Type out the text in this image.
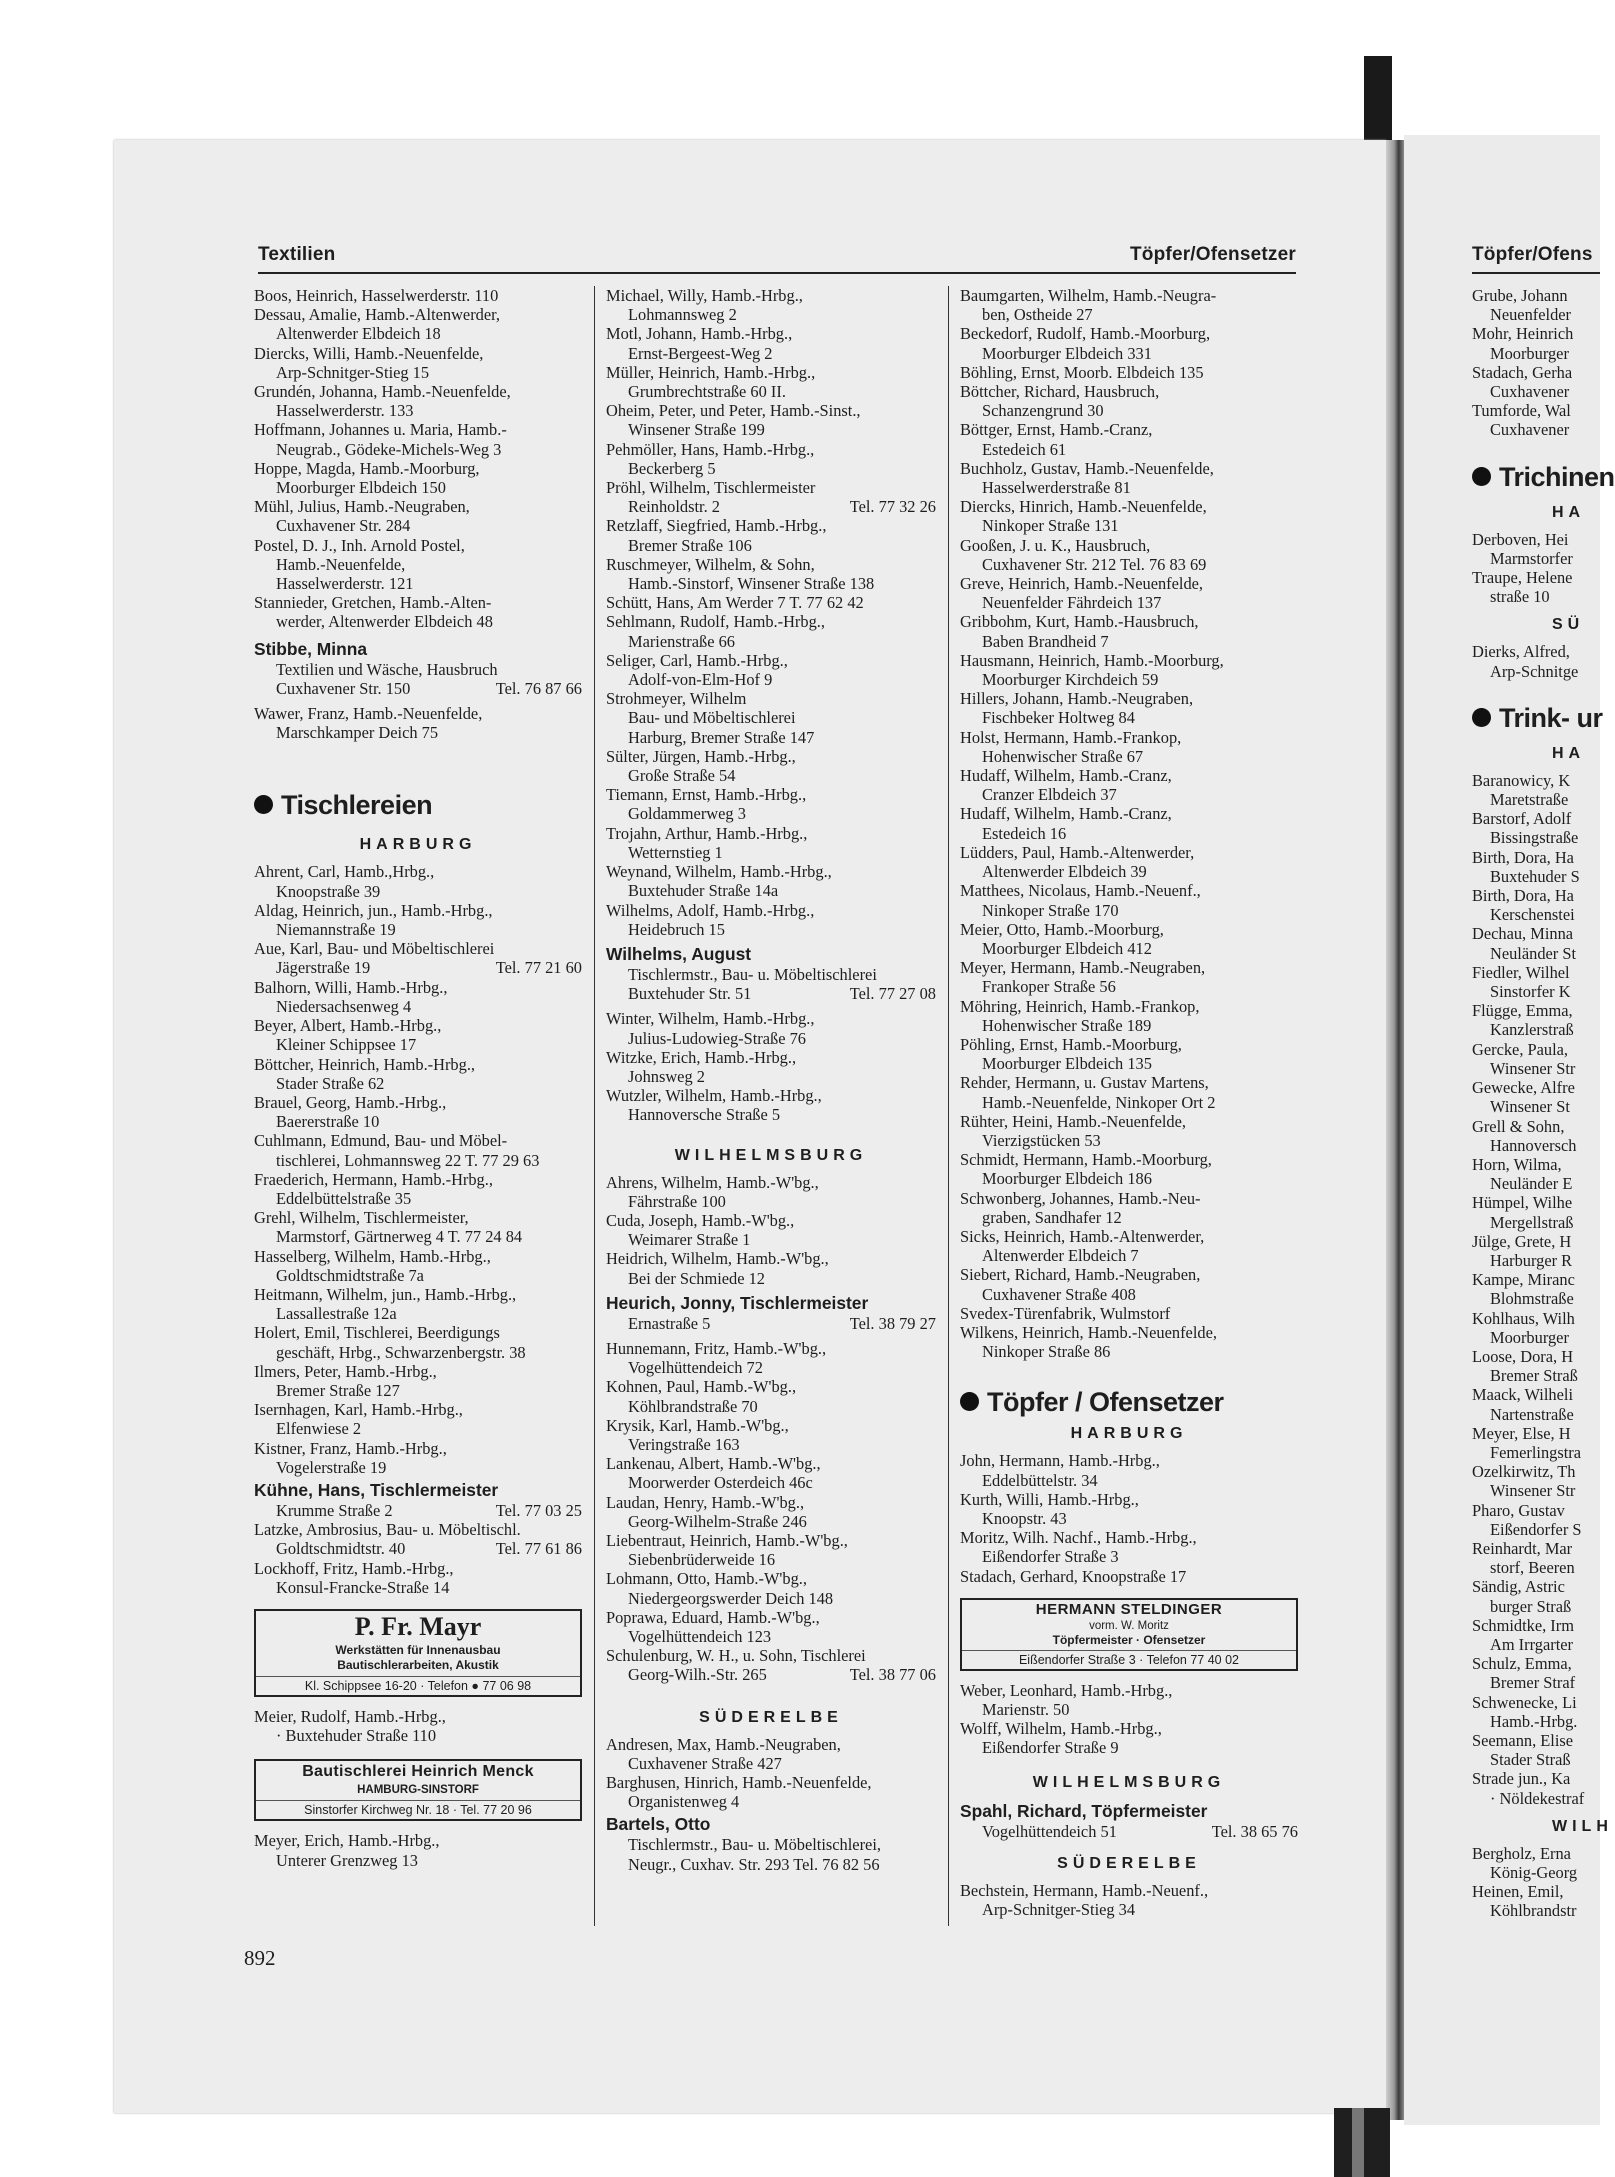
Textilien	Töpfer/Ofensetzer	Töpfer/Ofens
Boos, Heinrich, Hasselwerderstr. 110
Dessau, Amalie, Hamb.-Altenwerder,
Altenwerder Elbdeich 18
Diercks, Willi, Hamb.-Neuenfelde,
Arp-Schnitger-Stieg 15
Grundén, Johanna, Hamb.-Neuenfelde,
Hasselwerderstr. 133
Hoffmann, Johannes u. Maria, Hamb.-
Neugrab., Gödeke-Michels-Weg 3
Hoppe, Magda, Hamb.-Moorburg,
Moorburger Elbdeich 150
Mühl, Julius, Hamb.-Neugraben,
Cuxhavener Str. 284
Postel, D. J., Inh. Arnold Postel,
Hamb.-Neuenfelde,
Hasselwerderstr. 121
Stannieder, Gretchen, Hamb.-Alten-
werder, Altenwerder Elbdeich 48
Stibbe, Minna
Textilien und Wäsche, Hausbruch
Cuxhavener Str. 150	Tel. 76 87 66
Wawer, Franz, Hamb.-Neuenfelde,
Marschkamper Deich 75
Tischlereien
HARBURG
Ahrent, Carl, Hamb.,Hrbg.,
Knoopstraße 39
Aldag, Heinrich, jun., Hamb.-Hrbg.,
Niemannstraße 19
Aue, Karl, Bau- und Möbeltischlerei
Jägerstraße 19	Tel. 77 21 60
Balhorn, Willi, Hamb.-Hrbg.,
Niedersachsenweg 4
Beyer, Albert, Hamb.-Hrbg.,
Kleiner Schippsee 17
Böttcher, Heinrich, Hamb.-Hrbg.,
Stader Straße 62
Brauel, Georg, Hamb.-Hrbg.,
Baererstraße 10
Cuhlmann, Edmund, Bau- und Möbel-
tischlerei, Lohmannsweg 22 T. 77 29 63
Fraederich, Hermann, Hamb.-Hrbg.,
Eddelbüttelstraße 35
Grehl, Wilhelm, Tischlermeister,
Marmstorf, Gärtnerweg 4 T. 77 24 84
Hasselberg, Wilhelm, Hamb.-Hrbg.,
Goldtschmidtstraße 7a
Heitmann, Wilhelm, jun., Hamb.-Hrbg.,
Lassallestraße 12a
Holert, Emil, Tischlerei, Beerdigungs
geschäft, Hrbg., Schwarzenbergstr. 38
Ilmers, Peter, Hamb.-Hrbg.,
Bremer Straße 127
Isernhagen, Karl, Hamb.-Hrbg.,
Elfenwiese 2
Kistner, Franz, Hamb.-Hrbg.,
Vogelerstraße 19
Kühne, Hans, Tischlermeister
Krumme Straße 2	Tel. 77 03 25
Latzke, Ambrosius, Bau- u. Möbeltischl.
Goldtschmidtstr. 40	Tel. 77 61 86
Lockhoff, Fritz, Hamb.-Hrbg.,
Konsul-Francke-Straße 14
P. Fr. Mayr
Werkstätten für Innenausbau
Bautischlerarbeiten, Akustik
Kl. Schippsee 16-20 · Telefon ● 77 06 98
Meier, Rudolf, Hamb.-Hrbg.,
· Buxtehuder Straße 110
Bautischlerei Heinrich Menck
HAMBURG-SINSTORF
Sinstorfer Kirchweg Nr. 18 · Tel. 77 20 96
Meyer, Erich, Hamb.-Hrbg.,
Unterer Grenzweg 13
892
Michael, Willy, Hamb.-Hrbg.,
Lohmannsweg 2
Motl, Johann, Hamb.-Hrbg.,
Ernst-Bergeest-Weg 2
Müller, Heinrich, Hamb.-Hrbg.,
Grumbrechtstraße 60 II.
Oheim, Peter, und Peter, Hamb.-Sinst.,
Winsener Straße 199
Pehmöller, Hans, Hamb.-Hrbg.,
Beckerberg 5
Pröhl, Wilhelm, Tischlermeister
Reinholdstr. 2	Tel. 77 32 26
Retzlaff, Siegfried, Hamb.-Hrbg.,
Bremer Straße 106
Ruschmeyer, Wilhelm, & Sohn,
Hamb.-Sinstorf, Winsener Straße 138
Schütt, Hans, Am Werder 7 T. 77 62 42
Sehlmann, Rudolf, Hamb.-Hrbg.,
Marienstraße 66
Seliger, Carl, Hamb.-Hrbg.,
Adolf-von-Elm-Hof 9
Strohmeyer, Wilhelm
Bau- und Möbeltischlerei
Harburg, Bremer Straße 147
Sülter, Jürgen, Hamb.-Hrbg.,
Große Straße 54
Tiemann, Ernst, Hamb.-Hrbg.,
Goldammerweg 3
Trojahn, Arthur, Hamb.-Hrbg.,
Wetternstieg 1
Weynand, Wilhelm, Hamb.-Hrbg.,
Buxtehuder Straße 14a
Wilhelms, Adolf, Hamb.-Hrbg.,
Heidebruch 15
Wilhelms, August
Tischlermstr., Bau- u. Möbeltischlerei
Buxtehuder Str. 51	Tel. 77 27 08
Winter, Wilhelm, Hamb.-Hrbg.,
Julius-Ludowieg-Straße 76
Witzke, Erich, Hamb.-Hrbg.,
Johnsweg 2
Wutzler, Wilhelm, Hamb.-Hrbg.,
Hannoversche Straße 5
WILHELMSBURG
Ahrens, Wilhelm, Hamb.-W'bg.,
Fährstraße 100
Cuda, Joseph, Hamb.-W'bg.,
Weimarer Straße 1
Heidrich, Wilhelm, Hamb.-W'bg.,
Bei der Schmiede 12
Heurich, Jonny, Tischlermeister
Ernastraße 5	Tel. 38 79 27
Hunnemann, Fritz, Hamb.-W'bg.,
Vogelhüttendeich 72
Kohnen, Paul, Hamb.-W'bg.,
Köhlbrandstraße 70
Krysik, Karl, Hamb.-W'bg.,
Veringstraße 163
Lankenau, Albert, Hamb.-W'bg.,
Moorwerder Osterdeich 46c
Laudan, Henry, Hamb.-W'bg.,
Georg-Wilhelm-Straße 246
Liebentraut, Heinrich, Hamb.-W'bg.,
Siebenbrüderweide 16
Lohmann, Otto, Hamb.-W'bg.,
Niedergeorgswerder Deich 148
Poprawa, Eduard, Hamb.-W'bg.,
Vogelhüttendeich 123
Schulenburg, W. H., u. Sohn, Tischlerei
Georg-Wilh.-Str. 265	Tel. 38 77 06
SÜDERELBE
Andresen, Max, Hamb.-Neugraben,
Cuxhavener Straße 427
Barghusen, Hinrich, Hamb.-Neuenfelde,
Organistenweg 4
Bartels, Otto
Tischlermstr., Bau- u. Möbeltischlerei,
Neugr., Cuxhav. Str. 293 Tel. 76 82 56
Baumgarten, Wilhelm, Hamb.-Neugra-
ben, Ostheide 27
Beckedorf, Rudolf, Hamb.-Moorburg,
Moorburger Elbdeich 331
Böhling, Ernst, Moorb. Elbdeich 135
Böttcher, Richard, Hausbruch,
Schanzengrund 30
Böttger, Ernst, Hamb.-Cranz,
Estedeich 61
Buchholz, Gustav, Hamb.-Neuenfelde,
Hasselwerderstraße 81
Diercks, Hinrich, Hamb.-Neuenfelde,
Ninkoper Straße 131
Gooßen, J. u. K., Hausbruch,
Cuxhavener Str. 212 Tel. 76 83 69
Greve, Heinrich, Hamb.-Neuenfelde,
Neuenfelder Fährdeich 137
Gribbohm, Kurt, Hamb.-Hausbruch,
Baben Brandheid 7
Hausmann, Heinrich, Hamb.-Moorburg,
Moorburger Kirchdeich 59
Hillers, Johann, Hamb.-Neugraben,
Fischbeker Holtweg 84
Holst, Hermann, Hamb.-Frankop,
Hohenwischer Straße 67
Hudaff, Wilhelm, Hamb.-Cranz,
Cranzer Elbdeich 37
Hudaff, Wilhelm, Hamb.-Cranz,
Estedeich 16
Lüdders, Paul, Hamb.-Altenwerder,
Altenwerder Elbdeich 39
Matthees, Nicolaus, Hamb.-Neuenf.,
Ninkoper Straße 170
Meier, Otto, Hamb.-Moorburg,
Moorburger Elbdeich 412
Meyer, Hermann, Hamb.-Neugraben,
Frankoper Straße 56
Möhring, Heinrich, Hamb.-Frankop,
Hohenwischer Straße 189
Pöhling, Ernst, Hamb.-Moorburg,
Moorburger Elbdeich 135
Rehder, Hermann, u. Gustav Martens,
Hamb.-Neuenfelde, Ninkoper Ort 2
Rühter, Heini, Hamb.-Neuenfelde,
Vierzigstücken 53
Schmidt, Hermann, Hamb.-Moorburg,
Moorburger Elbdeich 186
Schwonberg, Johannes, Hamb.-Neu-
graben, Sandhafer 12
Sicks, Heinrich, Hamb.-Altenwerder,
Altenwerder Elbdeich 7
Siebert, Richard, Hamb.-Neugraben,
Cuxhavener Straße 408
Svedex-Türenfabrik, Wulmstorf
Wilkens, Heinrich, Hamb.-Neuenfelde,
Ninkoper Straße 86
Töpfer / Ofensetzer
HARBURG
John, Hermann, Hamb.-Hrbg.,
Eddelbüttelstr. 34
Kurth, Willi, Hamb.-Hrbg.,
Knoopstr. 43
Moritz, Wilh. Nachf., Hamb.-Hrbg.,
Eißendorfer Straße 3
Stadach, Gerhard, Knoopstraße 17
HERMANN STELDINGER
vorm. W. Moritz
Töpfermeister · Ofensetzer
Eißendorfer Straße 3 · Telefon 77 40 02
Weber, Leonhard, Hamb.-Hrbg.,
Marienstr. 50
Wolff, Wilhelm, Hamb.-Hrbg.,
Eißendorfer Straße 9
WILHELMSBURG
Spahl, Richard, Töpfermeister
Vogelhüttendeich 51	Tel. 38 65 76
SÜDERELBE
Bechstein, Hermann, Hamb.-Neuenf.,
Arp-Schnitger-Stieg 34
Grube, Johann
Neuenfelder
Mohr, Heinrich
Moorburger
Stadach, Gerha
Cuxhavener
Tumforde, Wal
Cuxhavener
Trichinen
HA
Derboven, Hei
Marmstorfer
Traupe, Helene
straße 10
SÜ
Dierks, Alfred,
Arp-Schnitge
Trink- ur
HA
Baranowicy, K
Maretstraße
Barstorf, Adolf
Bissingstraße
Birth, Dora, Ha
Buxtehuder S
Birth, Dora, Ha
Kerschenstei
Dechau, Minna
Neuländer St
Fiedler, Wilhel
Sinstorfer K
Flügge, Emma,
Kanzlerstraß
Gercke, Paula,
Winsener Str
Gewecke, Alfre
Winsener St
Grell & Sohn,
Hannoversch
Horn, Wilma,
Neuländer E
Hümpel, Wilhe
Mergellstraß
Jülge, Grete, H
Harburger R
Kampe, Miranc
Blohmstraße
Kohlhaus, Wilh
Moorburger
Loose, Dora, H
Bremer Straß
Maack, Wilheli
Nartenstraße
Meyer, Else, H
Femerlingstra
Ozelkirwitz, Th
Winsener Str
Pharo, Gustav
Eißendorfer S
Reinhardt, Mar
storf, Beeren
Sändig, Astric
burger Straß
Schmidtke, Irm
Am Irrgarter
Schulz, Emma,
Bremer Straf
Schwenecke, Li
Hamb.-Hrbg.
Seemann, Elise
Stader Straß
Strade jun., Ka
· Nöldekestraf
WILH
Bergholz, Erna
König-Georg
Heinen, Emil,
Köhlbrandstr
